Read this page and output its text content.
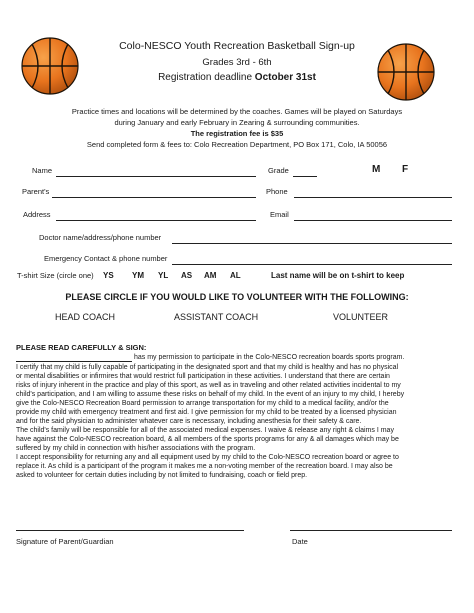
Colo-NESCO Youth Recreation Basketball Sign-up
Grades 3rd - 6th
Registration deadline October 31st
Practice times and locations will be determined by the coaches. Games will be played on Saturdays
during January and early February in Zearing & surrounding communities.
The registration fee is $35
Send completed form & fees to: Colo Recreation Department, PO Box 171, Colo, IA 50056
Name	Grade	M F
Parent's	Phone
Address	Email
Doctor name/address/phone number
Emergency Contact & phone number
T-shirt Size (circle one) YS YM YL AS AM AL	Last name will be on t-shirt to keep
PLEASE CIRCLE IF YOU WOULD LIKE TO VOLUNTEER WITH THE FOLLOWING:
HEAD COACH	ASSISTANT COACH	VOLUNTEER
PLEASE READ CAREFULLY & SIGN:
has my permission to participate in the Colo-NESCO recreation boards sports program.
I certify that my child is fully capable of participating in the designated sport and that my child is healthy and has no physical
or mental disabilities or infirmires that would restrict full participation in these activities. I understand that there are certain
risks of injury inherent in the practice and play of this sport, as well as in traveling and other related activities incidental to my
child's participation, and I am willing to assume these risks on behalf of my child. In the event of an injury to my child, I hereby
give the Colo-NESCO Recreation Board permission to arrange transportation for my child to a medical facility, and/or the
provide my child with emergency treatment and first aid. I give permission for my child to be treated by a licensed physician
and for the said physician to administer whatever care is necessary, including anesthesia for their safety & care.
The child's family will be responsible for all of the associated medical expenses. I waive & release any right & claims I may
have against the Colo-NESCO recreation board, & all members of the sports programs for any & all damages which may be
suffered by my child in connection with his/her associations with the program.
I accept responsibility for returning any and all equipment used by my child to the Colo-NESCO recreation board or agree to
replace it. As child is a participant of the program it makes me a non-voting member of the recreation board. I may also be
asked to volunteer for certain duties including by not limited to fundraising, coach or field prep.
Signature of Parent/Guardian	Date
